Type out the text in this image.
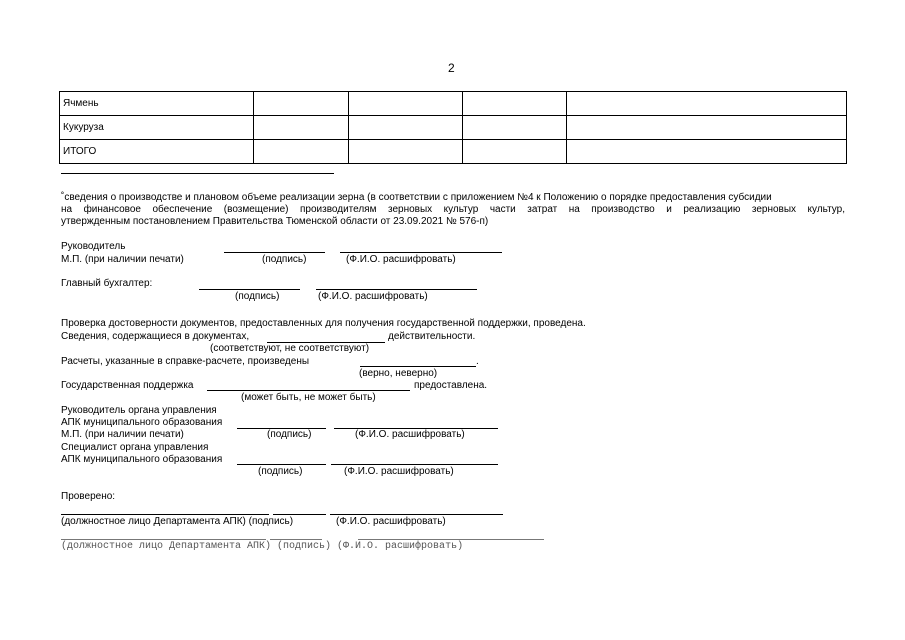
2
Ячмень				
Кукуруза				
ИТОГО				
˚сведения о производстве и плановом объеме реализации зерна (в соответствии с приложением №4 к Положению о порядке предоставления субсидии
на финансовое обеспечение (возмещение) производителям зерновых культур части затрат на производство и реализацию зерновых культур,
утвержденным постановлением Правительства Тюменской области от 23.09.2021 № 576-п)
Руководитель
М.П. (при наличии печати)	(подпись)	(Ф.И.О. расшифровать)
Главный бухгалтер:
(подпись)	(Ф.И.О. расшифровать)
Проверка достоверности документов, предоставленных для получения государственной поддержки, проведена.
Сведения, содержащиеся в документах,	действительности.
(соответствуют, не соответствуют)
Расчеты, указанные в справке-расчете, произведены	.
(верно, неверно)
Государственная поддержка	предоставлена.
(может быть, не может быть)
Руководитель органа управления
АПК муниципального образования
М.П. (при наличии печати)	(подпись)	(Ф.И.О. расшифровать)
Специалист органа управления
АПК муниципального образования
(подпись)	(Ф.И.О. расшифровать)
Проверено:
(должностное лицо Департамента АПК) (подпись)	(Ф.И.О. расшифровать)
(должностное лицо Департамента АПК) (подпись) (Ф.И.О. расшифровать)
